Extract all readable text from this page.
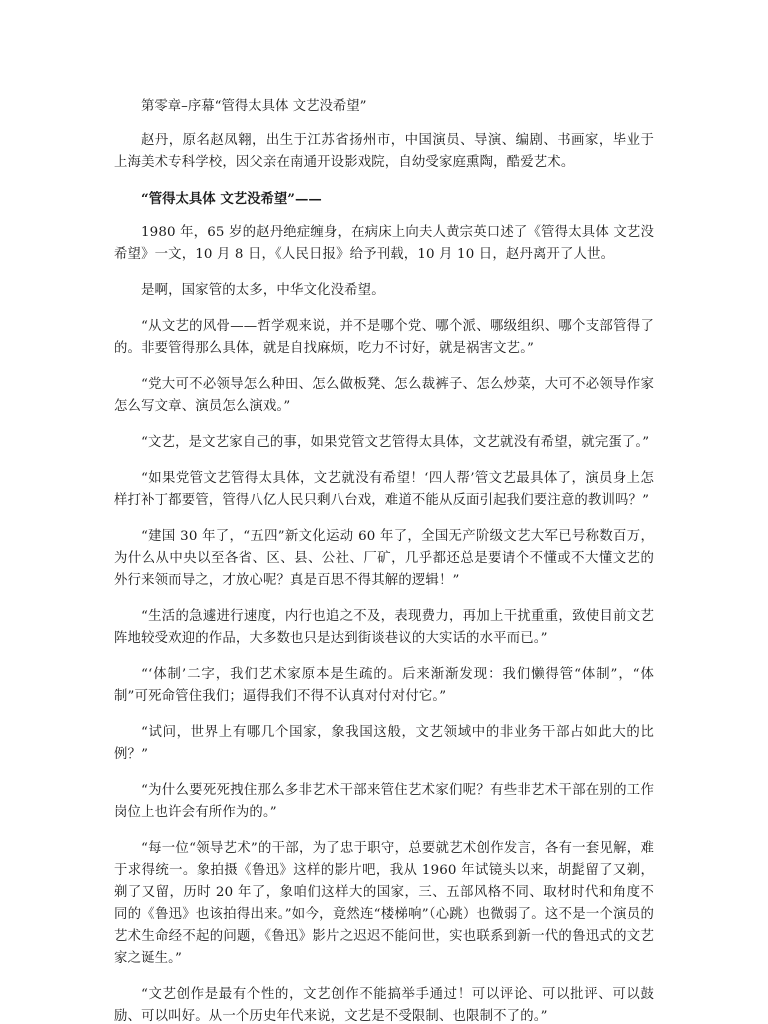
第零章–序幕“管得太具体 文艺没希望”

赵丹，原名赵凤翱，出生于江苏省扬州市，中国演员、导演、编剧、书画家，毕业于上海美术专科学校，因父亲在南通开设影戏院，自幼受家庭熏陶，酷爱艺术。

“管得太具体 文艺没希望”——

1980 年，65 岁的赵丹绝症缠身，在病床上向夫人黄宗英口述了《管得太具体 文艺没希望》一文，10 月 8 日，《人民日报》给予刊载，10 月 10 日，赵丹离开了人世。

是啊，国家管的太多，中华文化没希望。

“从文艺的风骨——哲学观来说，并不是哪个党、哪个派、哪级组织、哪个支部管得了的。非要管得那么具体，就是自找麻烦，吃力不讨好，就是祸害文艺。”

“党大可不必领导怎么种田、怎么做板凳、怎么裁裤子、怎么炒菜，大可不必领导作家怎么写文章、演员怎么演戏。”

“文艺，是文艺家自己的事，如果党管文艺管得太具体，文艺就没有希望，就完蛋了。”

“如果党管文艺管得太具体，文艺就没有希望！‘四人帮’管文艺最具体了，演员身上怎样打补丁都要管，管得八亿人民只剩八台戏，难道不能从反面引起我们要注意的教训吗？”

“建国 30 年了，“五四”新文化运动 60 年了，全国无产阶级文艺大军已号称数百万，为什么从中央以至各省、区、县、公社、厂矿，几乎都还总是要请个不懂或不大懂文艺的外行来领而导之，才放心呢？真是百思不得其解的逻辑！”

“生活的急遽进行速度，内行也追之不及，表现费力，再加上干扰重重，致使目前文艺阵地较受欢迎的作品，大多数也只是达到街谈巷议的大实话的水平而已。”

“‘体制’二字，我们艺术家原本是生疏的。后来渐渐发现：我们懒得管“体制”，“体制”可死命管住我们；逼得我们不得不认真对付对付它。”

“试问，世界上有哪几个国家，象我国这般，文艺领域中的非业务干部占如此大的比例？”

“为什么要死死拽住那么多非艺术干部来管住艺术家们呢？有些非艺术干部在别的工作岗位上也许会有所作为的。”

“每一位“领导艺术”的干部，为了忠于职守，总要就艺术创作发言，各有一套见解，难于求得统一。象拍摄《鲁迅》这样的影片吧，我从 1960 年试镜头以来，胡髭留了又剃，剃了又留，历时 20 年了，象咱们这样大的国家，三、五部风格不同、取材时代和角度不同的《鲁迅》也该拍得出来。”如今，竟然连“楼梯响”（心跳）也微弱了。这不是一个演员的艺术生命经不起的问题，《鲁迅》影片之迟迟不能问世，实也联系到新一代的鲁迅式的文艺家之诞生。”

“文艺创作是最有个性的，文艺创作不能搞举手通过！可以评论、可以批评、可以鼓励、可以叫好。从一个历史年代来说，文艺是不受限制、也限制不了的。”
